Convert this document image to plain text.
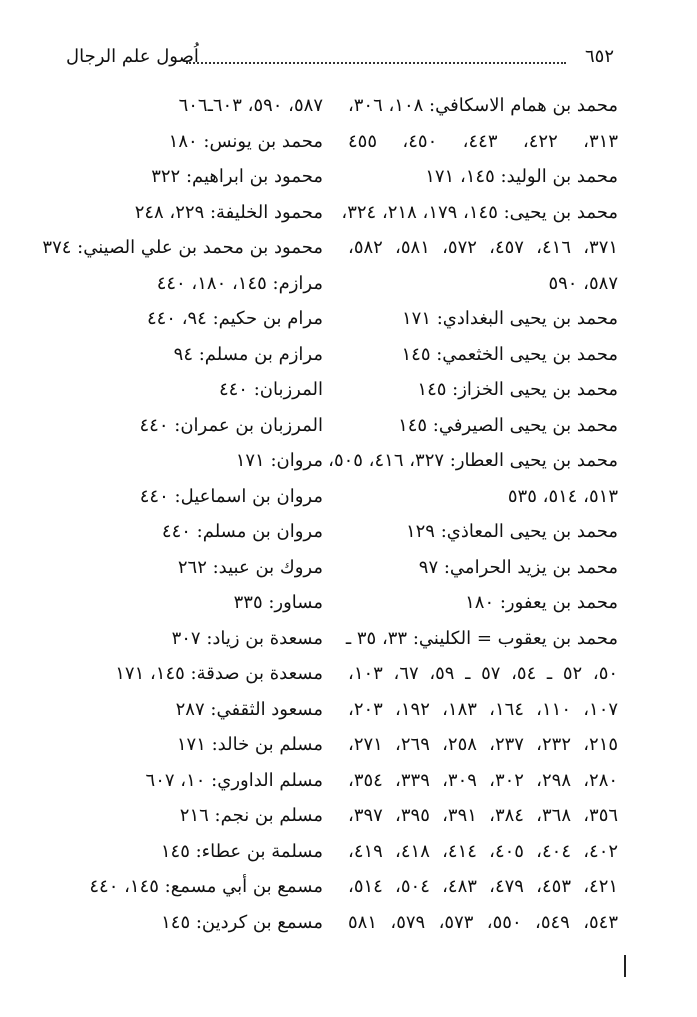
٦٥٢
اُصول علم الرجال
محمد بن همام الاسكافي: ١٠٨، ٣٠٦،
٣١٣، ٤٢٢، ٤٤٣، ٤٥٠، ٤٥٥
محمد بن الوليد: ١٤٥، ١٧١
محمد بن يحيى: ١٤٥، ١٧٩، ٢١٨، ٣٢٤،
٣٧١، ٤١٦، ٤٥٧، ٥٧٢، ٥٨١، ٥٨٢،
٥٨٧، ٥٩٠
محمد بن يحيى البغدادي: ١٧١
محمد بن يحيى الخثعمي: ١٤٥
محمد بن يحيى الخزاز: ١٤٥
محمد بن يحيى الصيرفي: ١٤٥
محمد بن يحيى العطار: ٣٢٧، ٤١٦، ٥٠٥،
٥١٣، ٥١٤، ٥٣٥
محمد بن يحيى المعاذي: ١٢٩
محمد بن يزيد الحرامي: ٩٧
محمد بن يعفور: ١٨٠
محمد بن يعقوب = الكليني: ٣٣، ٣٥ ـ
٥٠، ٥٢ ـ ٥٤، ٥٧ ـ ٥٩، ٦٧، ١٠٣،
١٠٧، ١١٠، ١٦٤، ١٨٣، ١٩٢، ٢٠٣،
٢١٥، ٢٣٢، ٢٣٧، ٢٥٨، ٢٦٩، ٢٧١،
٢٨٠، ٢٩٨، ٣٠٢، ٣٠٩، ٣٣٩، ٣٥٤،
٣٥٦، ٣٦٨، ٣٨٤، ٣٩١، ٣٩٥، ٣٩٧،
٤٠٢، ٤٠٤، ٤٠٥، ٤١٤، ٤١٨، ٤١٩،
٤٢١، ٤٥٣، ٤٧٩، ٤٨٣، ٥٠٤، ٥١٤،
٥٤٣، ٥٤٩، ٥٥٠، ٥٧٣، ٥٧٩، ٥٨١
٥٨٧، ٥٩٠، ٦٠٣ـ٦٠٦
محمد بن يونس: ١٨٠
محمود بن ابراهيم: ٣٢٢
محمود الخليفة: ٢٢٩، ٢٤٨
محمود بن محمد بن علي الصيني: ٣٧٤
مرازم: ١٤٥، ١٨٠، ٤٤٠
مرام بن حكيم: ٩٤، ٤٤٠
مرازم بن مسلم: ٩٤
المرزبان: ٤٤٠
المرزبان بن عمران: ٤٤٠
مروان: ١٧١
مروان بن اسماعيل: ٤٤٠
مروان بن مسلم: ٤٤٠
مروك بن عبيد: ٢٦٢
مساور: ٣٣٥
مسعدة بن زياد: ٣٠٧
مسعدة بن صدقة: ١٤٥، ١٧١
مسعود الثقفي: ٢٨٧
مسلم بن خالد: ١٧١
مسلم الداوري: ١٠، ٦٠٧
مسلم بن نجم: ٢١٦
مسلمة بن عطاء: ١٤٥
مسمع بن أبي مسمع: ١٤٥، ٤٤٠
مسمع بن كردين: ١٤٥
